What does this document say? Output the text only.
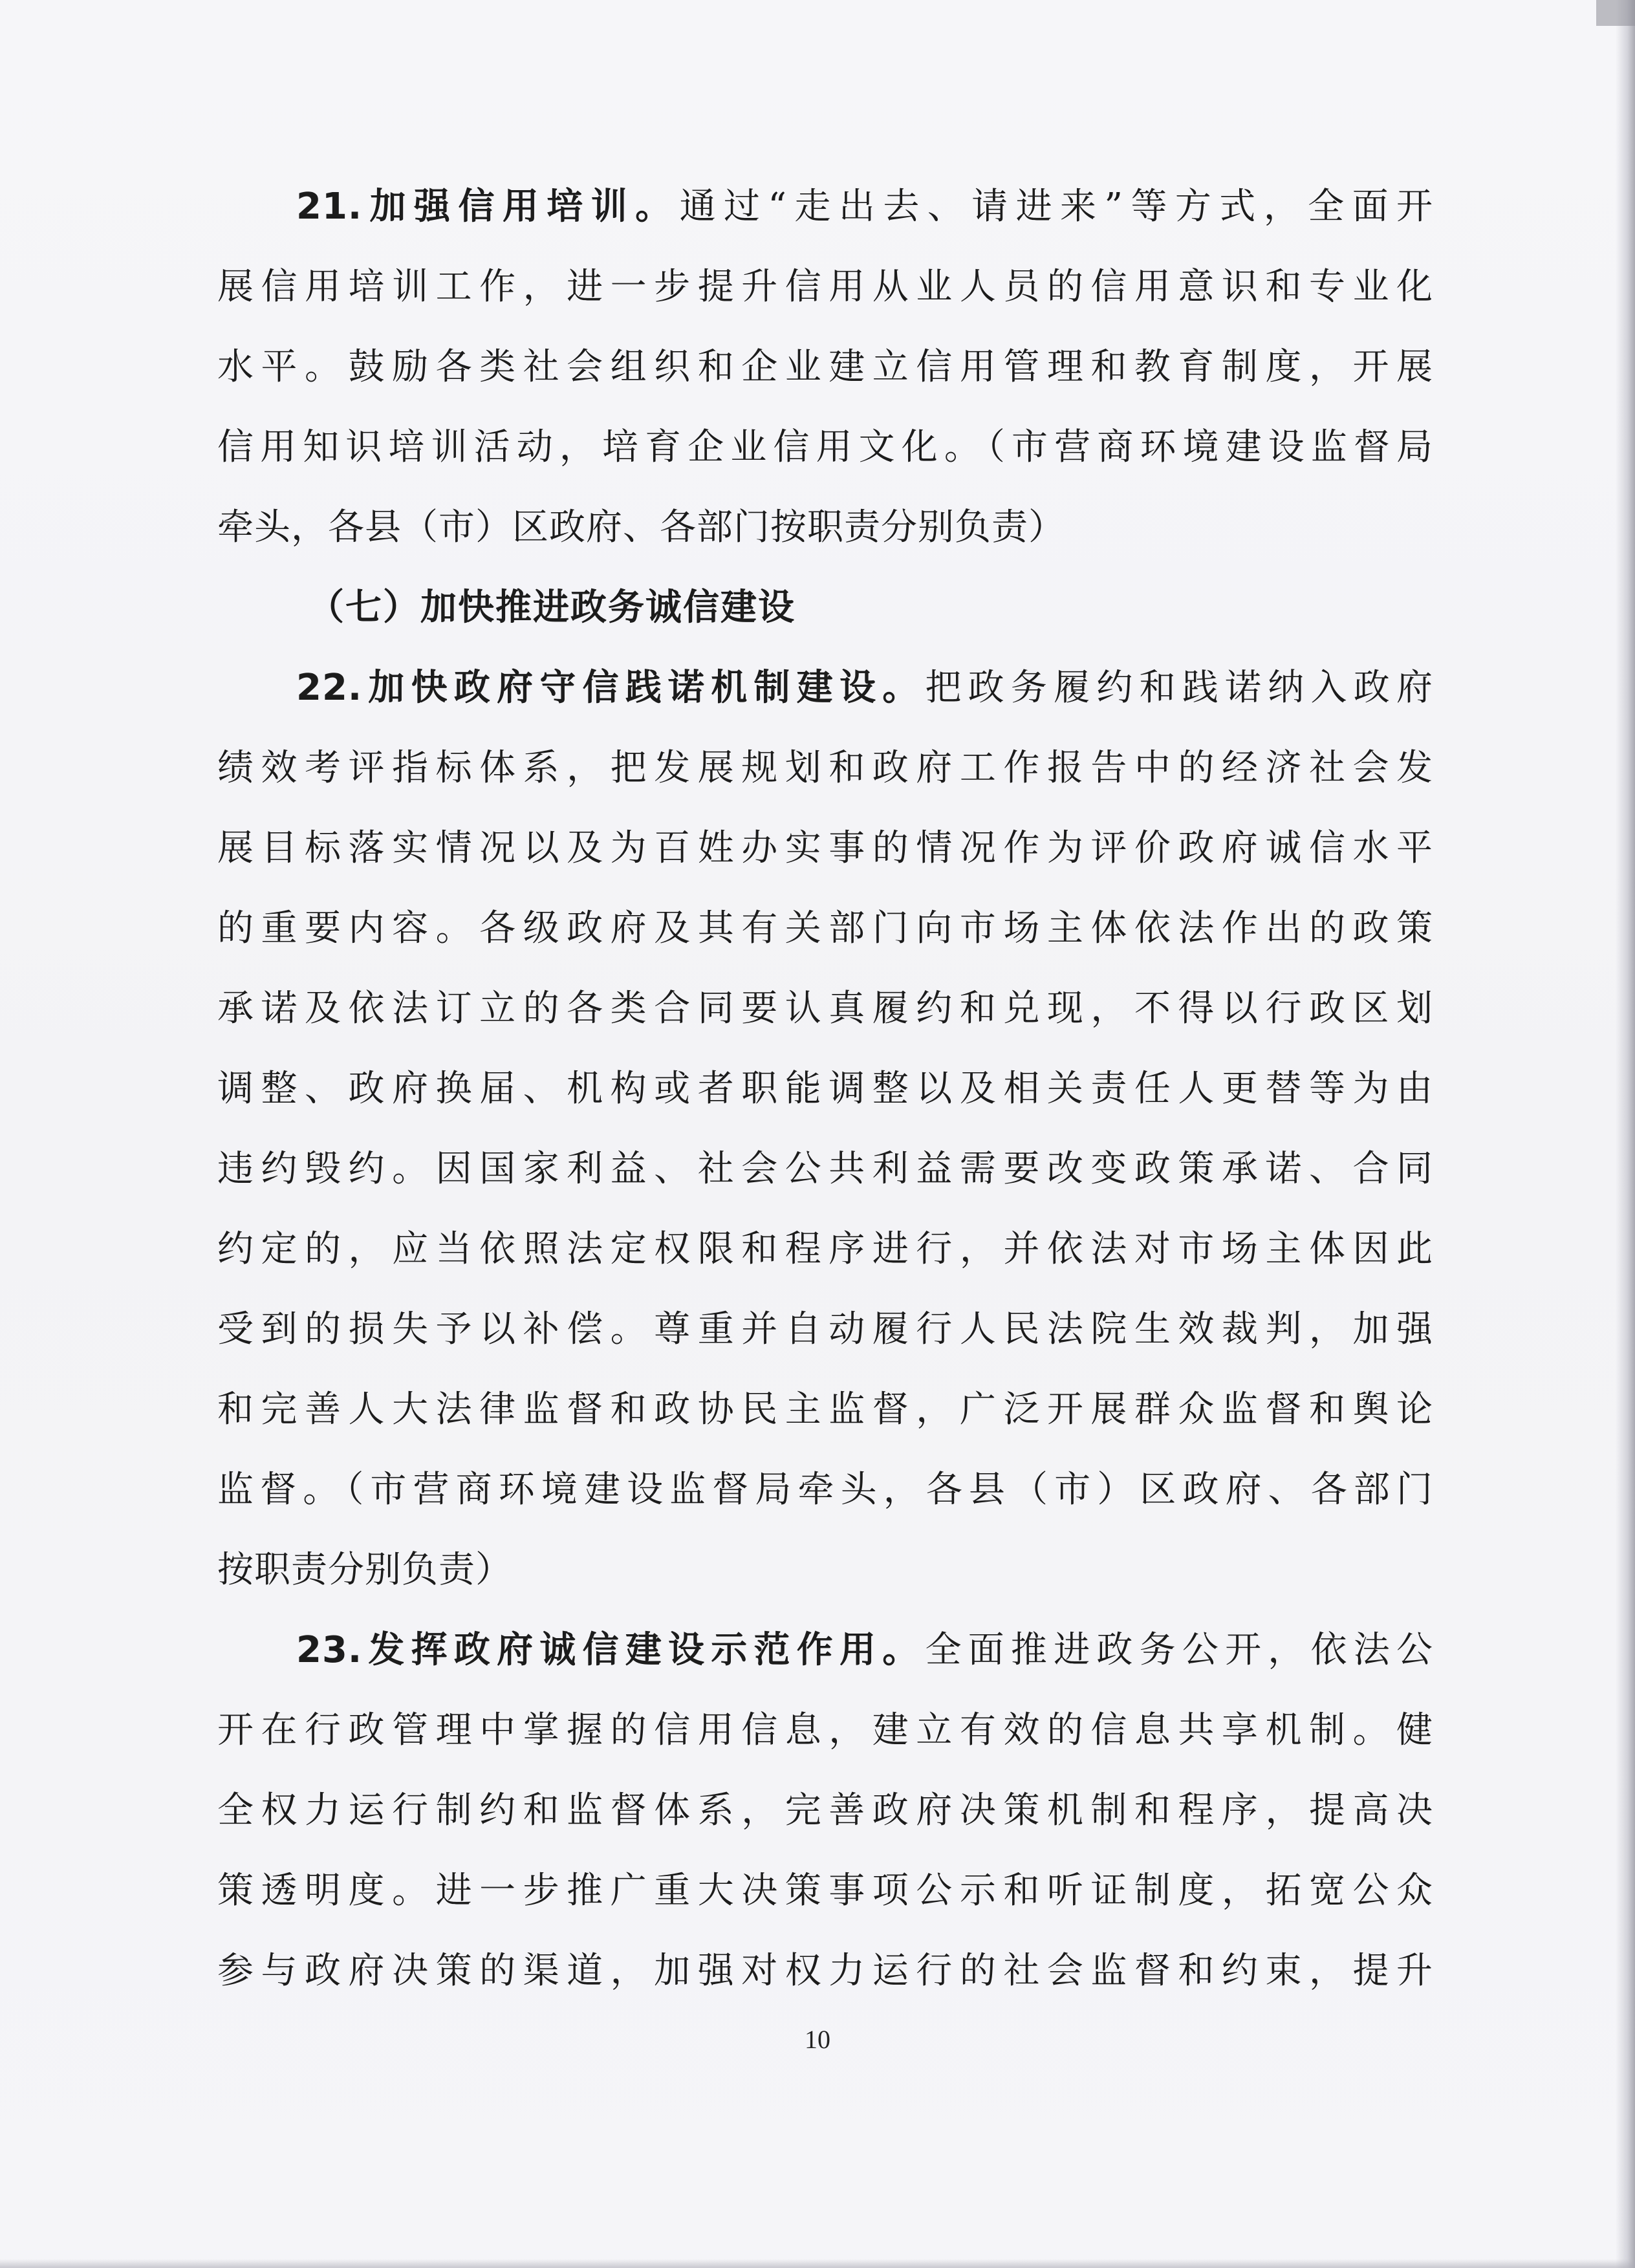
21.加强信用培训。通过“走出去、请进来”等方式，全面开
展信用培训工作，进一步提升信用从业人员的信用意识和专业化
水平。鼓励各类社会组织和企业建立信用管理和教育制度，开展
信用知识培训活动，培育企业信用文化。（市营商环境建设监督局
牵头，各县（市）区政府、各部门按职责分别负责）
（七）加快推进政务诚信建设
22.加快政府守信践诺机制建设。把政务履约和践诺纳入政府
绩效考评指标体系，把发展规划和政府工作报告中的经济社会发
展目标落实情况以及为百姓办实事的情况作为评价政府诚信水平
的重要内容。各级政府及其有关部门向市场主体依法作出的政策
承诺及依法订立的各类合同要认真履约和兑现，不得以行政区划
调整、政府换届、机构或者职能调整以及相关责任人更替等为由
违约毁约。因国家利益、社会公共利益需要改变政策承诺、合同
约定的，应当依照法定权限和程序进行，并依法对市场主体因此
受到的损失予以补偿。尊重并自动履行人民法院生效裁判，加强
和完善人大法律监督和政协民主监督，广泛开展群众监督和舆论
监督。（市营商环境建设监督局牵头，各县（市）区政府、各部门
按职责分别负责）
23.发挥政府诚信建设示范作用。全面推进政务公开，依法公
开在行政管理中掌握的信用信息，建立有效的信息共享机制。健
全权力运行制约和监督体系，完善政府决策机制和程序，提高决
策透明度。进一步推广重大决策事项公示和听证制度，拓宽公众
参与政府决策的渠道，加强对权力运行的社会监督和约束，提升
10
